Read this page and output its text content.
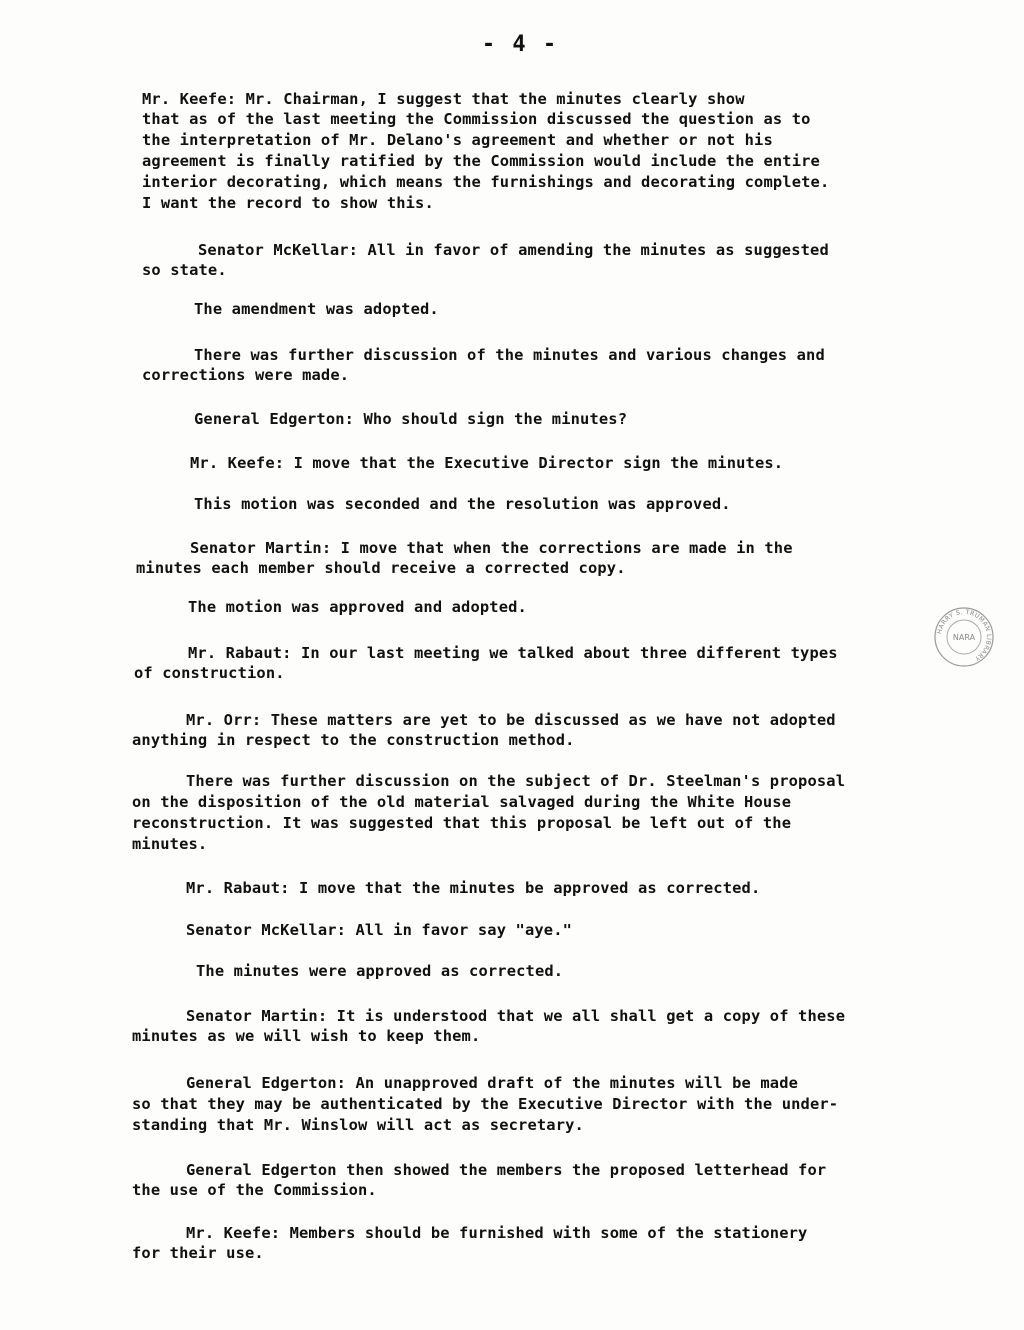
- 4 -
Mr. Keefe: Mr. Chairman, I suggest that the minutes clearly show
that as of the last meeting the Commission discussed the question as to
the interpretation of Mr. Delano's agreement and whether or not his
agreement is finally ratified by the Commission would include the entire
interior decorating, which means the furnishings and decorating complete.
I want the record to show this.
Senator McKellar: All in favor of amending the minutes as suggested
so state.
The amendment was adopted.
There was further discussion of the minutes and various changes and
corrections were made.
General Edgerton: Who should sign the minutes?
Mr. Keefe: I move that the Executive Director sign the minutes.
This motion was seconded and the resolution was approved.
Senator Martin: I move that when the corrections are made in the
minutes each member should receive a corrected copy.
The motion was approved and adopted.
Mr. Rabaut: In our last meeting we talked about three different types
of construction.
Mr. Orr: These matters are yet to be discussed as we have not adopted
anything in respect to the construction method.
There was further discussion on the subject of Dr. Steelman's proposal
on the disposition of the old material salvaged during the White House
reconstruction. It was suggested that this proposal be left out of the
minutes.
Mr. Rabaut: I move that the minutes be approved as corrected.
Senator McKellar: All in favor say "aye."
The minutes were approved as corrected.
Senator Martin: It is understood that we all shall get a copy of these
minutes as we will wish to keep them.
General Edgerton: An unapproved draft of the minutes will be made
so that they may be authenticated by the Executive Director with the under-
standing that Mr. Winslow will act as secretary.
General Edgerton then showed the members the proposed letterhead for
the use of the Commission.
Mr. Keefe: Members should be furnished with some of the stationery
for their use.
HARRY S. TRUMAN LIBRARY
NARA
